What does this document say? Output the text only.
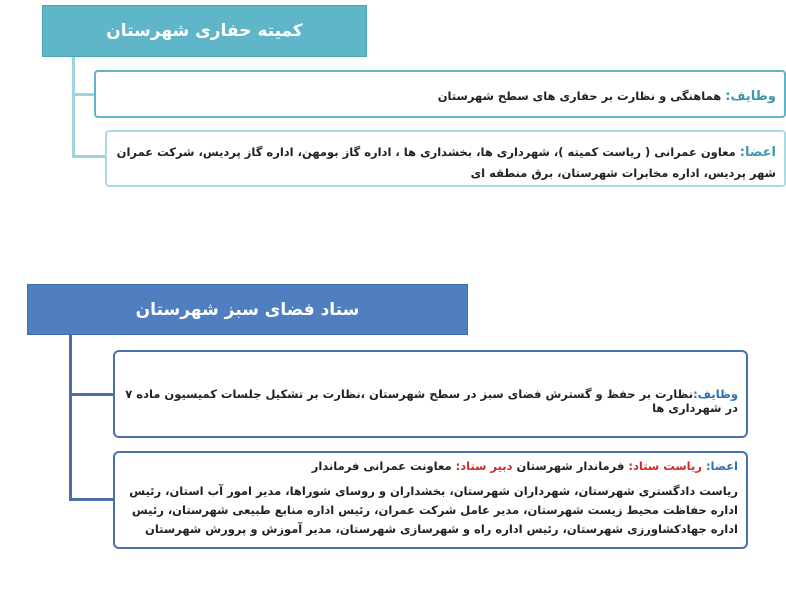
کمیته حفاری شهرستان
وظایف: هماهنگی و نظارت بر حفاری های سطح شهرستان
اعضا: معاون عمرانی ( ریاست کمیته )، شهرداری ها، بخشداری ها ، اداره گاز بومهن، اداره گاز پردیس، شرکت عمران شهر پردیس، اداره مخابرات شهرستان، برق منطقه ای
ستاد فضای سبز شهرستان
وظایف:نظارت بر حفظ و گسترش فضای سبز در سطح شهرستان ،نظارت بر تشکیل جلسات کمیسیون ماده ۷ در شهرداری ها
اعضا: ریاست ستاد: فرماندار شهرستان دبیر ستاد: معاونت عمرانی فرماندار
ریاست دادگستری شهرستان، شهرداران شهرستان، بخشداران و روسای شوراها، مدیر امور آب استان، رئیس اداره حفاظت محیط زیست شهرستان، مدیر عامل شرکت عمران، رئیس اداره منابع طبیعی شهرستان، رئیس اداره جهادکشاورزی شهرستان، رئیس اداره راه و شهرسازی شهرستان، مدیر آموزش و پرورش شهرستان
